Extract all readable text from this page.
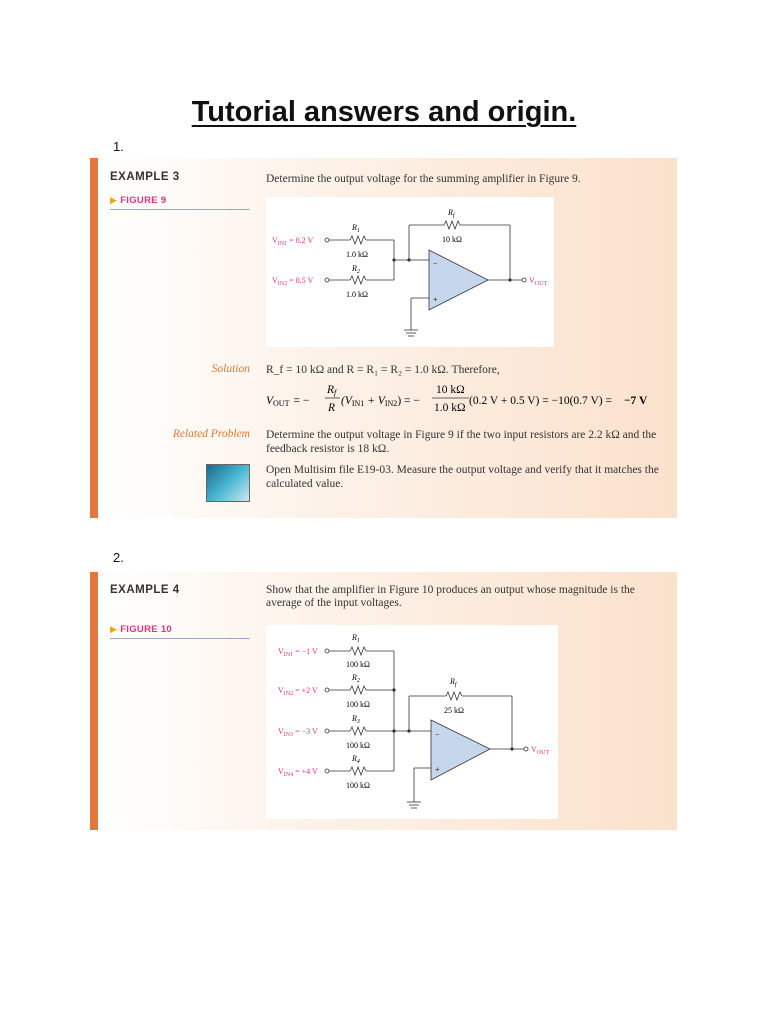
Tutorial answers and origin.
1.
EXAMPLE 3
▶ FIGURE 9
Determine the output voltage for the summing amplifier in Figure 9.
−
+
$R_1$
1.0 kΩ
$R_2$
1.0 kΩ
$R_f$
10 kΩ
$V_{IN1} = 0.2$ V
$V_{IN2} = 0.5$ V	$V_{OUT}$
Solution R_f = 10 kΩ and R = R₁ = R₂ = 1.0 kΩ. Therefore,
VOUT = −
Rf
R
(VIN1 + VIN2) = −
10 kΩ
1.0 kΩ
(0.2 V + 0.5 V) = −10(0.7 V) = −7 V
Related Problem Determine the output voltage in Figure 9 if the two input resistors are 2.2 kΩ and the feedback resistor is 18 kΩ.
Open Multisim file E19-03. Measure the output voltage and verify that it matches the calculated value.
2.
EXAMPLE 4
▶ FIGURE 10
Show that the amplifier in Figure 10 produces an output whose magnitude is the average of the input voltages.
−
+
$R_1$
100 kΩ
$R_2$
100 kΩ
$R_3$
100 kΩ
$R_4$
100 kΩ
$R_f$
25 kΩ
$V_{IN1} = -1$ V
$V_{IN2} = +2$ V
$V_{IN3} = -3$ V
$V_{IN4} = +4$ V
$V_{OUT}$
